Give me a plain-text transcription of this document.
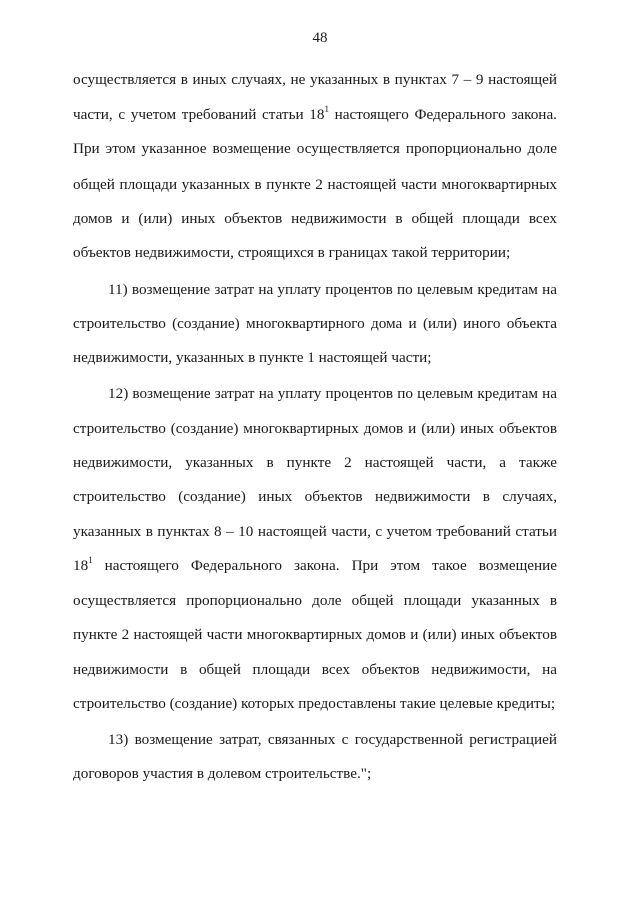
48
осуществляется в иных случаях, не указанных в пунктах 7 – 9 настоящей
части, с учетом требований статьи $18^1$ настоящего Федерального закона.
При этом указанное возмещение осуществляется пропорционально доле
общей площади указанных в пункте 2 настоящей части многоквартирных
домов и (или) иных объектов недвижимости в общей площади всех
объектов недвижимости, строящихся в границах такой территории;
11) возмещение затрат на уплату процентов по целевым кредитам на
строительство (создание) многоквартирного дома и (или) иного объекта
недвижимости, указанных в пункте 1 настоящей части;
12) возмещение затрат на уплату процентов по целевым кредитам на
строительство (создание) многоквартирных домов и (или) иных объектов
недвижимости, указанных в пункте 2 настоящей части, а также
строительство (создание) иных объектов недвижимости в случаях,
указанных в пунктах 8 – 10 настоящей части, с учетом требований статьи
$18^1$ настоящего Федерального закона. При этом такое возмещение
осуществляется пропорционально доле общей площади указанных в
пункте 2 настоящей части многоквартирных домов и (или) иных объектов
недвижимости в общей площади всех объектов недвижимости, на
строительство (создание) которых предоставлены такие целевые кредиты;
13) возмещение затрат, связанных с государственной регистрацией
договоров участия в долевом строительстве.";
